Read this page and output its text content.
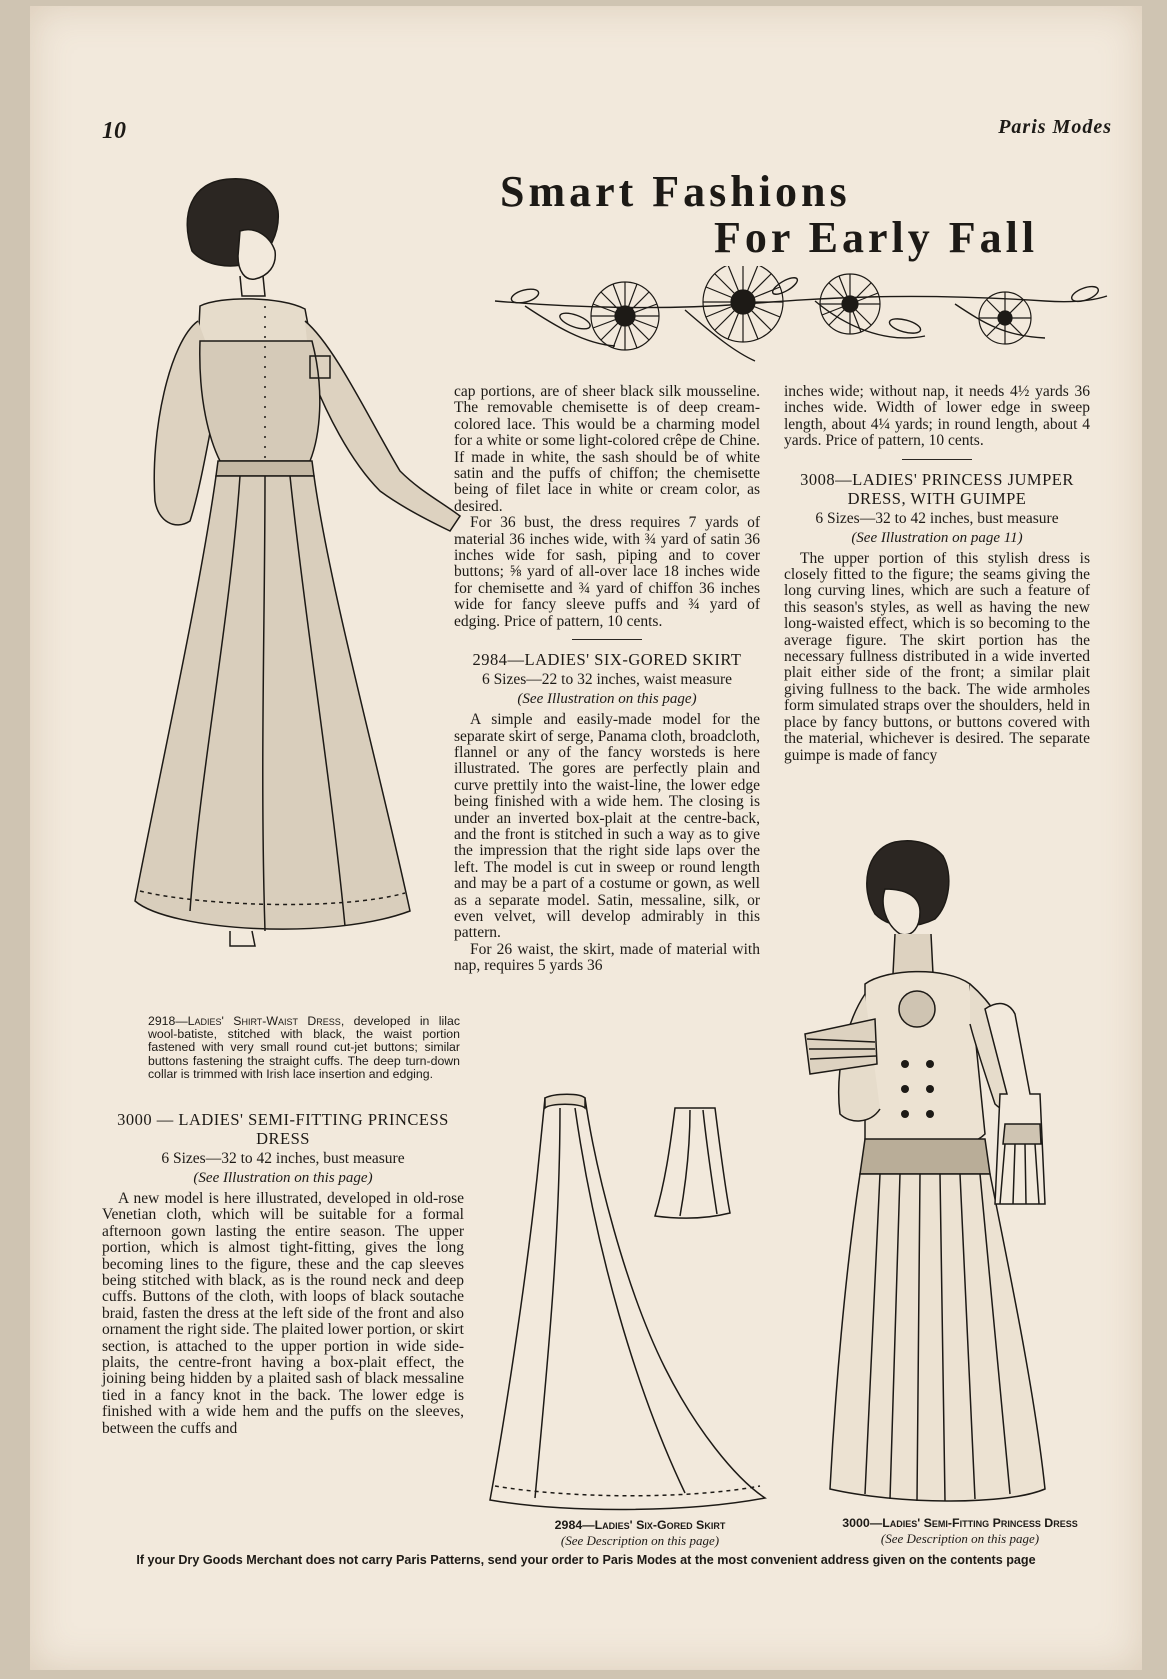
10	Paris Modes
Smart Fashions
For Early Fall
2918—Ladies' Shirt-Waist Dress, developed in lilac wool-batiste, stitched with black, the waist portion fastened with very small round cut-jet buttons; similar buttons fastening the straight cuffs. The deep turn-down collar is trimmed with Irish lace insertion and edging.
3000 — LADIES' SEMI-FITTING PRINCESS DRESS
6 Sizes—32 to 42 inches, bust measure
(See Illustration on this page)

A new model is here illustrated, developed in old-rose Venetian cloth, which will be suitable for a formal afternoon gown lasting the entire season. The upper portion, which is almost tight-fitting, gives the long becoming lines to the figure, these and the cap sleeves being stitched with black, as is the round neck and deep cuffs. Buttons of the cloth, with loops of black soutache braid, fasten the dress at the left side of the front and also ornament the right side. The plaited lower portion, or skirt section, is attached to the upper portion in wide side-plaits, the centre-front having a box-plait effect, the joining being hidden by a plaited sash of black messaline tied in a fancy knot in the back. The lower edge is finished with a wide hem and the puffs on the sleeves, between the cuffs and

cap portions, are of sheer black silk mousseline. The removable chemisette is of deep cream-colored lace. This would be a charming model for a white or some light-colored crêpe de Chine. If made in white, the sash should be of white satin and the puffs of chiffon; the chemisette being of filet lace in white or cream color, as desired.

For 36 bust, the dress requires 7 yards of material 36 inches wide, with ¾ yard of satin 36 inches wide for sash, piping and to cover buttons; ⅝ yard of all-over lace 18 inches wide for chemisette and ¾ yard of chiffon 36 inches wide for fancy sleeve puffs and ¾ yard of edging. Price of pattern, 10 cents.

2984—LADIES' SIX-GORED SKIRT
6 Sizes—22 to 32 inches, waist measure
(See Illustration on this page)

A simple and easily-made model for the separate skirt of serge, Panama cloth, broadcloth, flannel or any of the fancy worsteds is here illustrated. The gores are perfectly plain and curve prettily into the waist-line, the lower edge being finished with a wide hem. The closing is under an inverted box-plait at the centre-back, and the front is stitched in such a way as to give the impression that the right side laps over the left. The model is cut in sweep or round length and may be a part of a costume or gown, as well as a separate model. Satin, messaline, silk, or even velvet, will develop admirably in this pattern.

For 26 waist, the skirt, made of material with nap, requires 5 yards 36

inches wide; without nap, it needs 4½ yards 36 inches wide. Width of lower edge in sweep length, about 4¼ yards; in round length, about 4 yards. Price of pattern, 10 cents.

3008—LADIES' PRINCESS JUMPER DRESS, WITH GUIMPE
6 Sizes—32 to 42 inches, bust measure
(See Illustration on page 11)

The upper portion of this stylish dress is closely fitted to the figure; the seams giving the long curving lines, which are such a feature of this season's styles, as well as having the new long-waisted effect, which is so becoming to the average figure. The skirt portion has the necessary fullness distributed in a wide inverted plait either side of the front; a similar plait giving fullness to the back. The wide armholes form simulated straps over the shoulders, held in place by fancy buttons, or buttons covered with the material, whichever is desired. The separate guimpe is made of fancy

2984—Ladies' Six-Gored Skirt
(See Description on this page)
3000—Ladies' Semi-Fitting Princess Dress
(See Description on this page)
If your Dry Goods Merchant does not carry Paris Patterns, send your order to Paris Modes at the most convenient address given on the contents page
